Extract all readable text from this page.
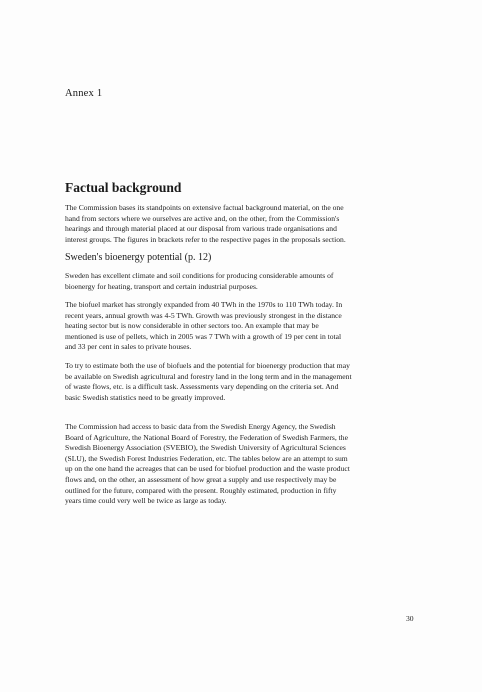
Annex 1
Factual background

The Commission bases its standpoints on extensive factual background material, on the one
hand from sectors where we ourselves are active and, on the other, from the Commission's
hearings and through material placed at our disposal from various trade organisations and
interest groups. The figures in brackets refer to the respective pages in the proposals section.

Sweden's bioenergy potential (p. 12)

Sweden has excellent climate and soil conditions for producing considerable amounts of
bioenergy for heating, transport and certain industrial purposes.

The biofuel market has strongly expanded from 40 TWh in the 1970s to 110 TWh today. In
recent years, annual growth was 4-5 TWh. Growth was previously strongest in the distance
heating sector but is now considerable in other sectors too. An example that may be
mentioned is use of pellets, which in 2005 was 7 TWh with a growth of 19 per cent in total
and 33 per cent in sales to private houses.

To try to estimate both the use of biofuels and the potential for bioenergy production that may
be available on Swedish agricultural and forestry land in the long term and in the management
of waste flows, etc. is a difficult task. Assessments vary depending on the criteria set. And
basic Swedish statistics need to be greatly improved.

The Commission had access to basic data from the Swedish Energy Agency, the Swedish
Board of Agriculture, the National Board of Forestry, the Federation of Swedish Farmers, the
Swedish Bioenergy Association (SVEBIO), the Swedish University of Agricultural Sciences
(SLU), the Swedish Forest Industries Federation, etc. The tables below are an attempt to sum
up on the one hand the acreages that can be used for biofuel production and the waste product
flows and, on the other, an assessment of how great a supply and use respectively may be
outlined for the future, compared with the present. Roughly estimated, production in fifty
years time could very well be twice as large as today.

30
